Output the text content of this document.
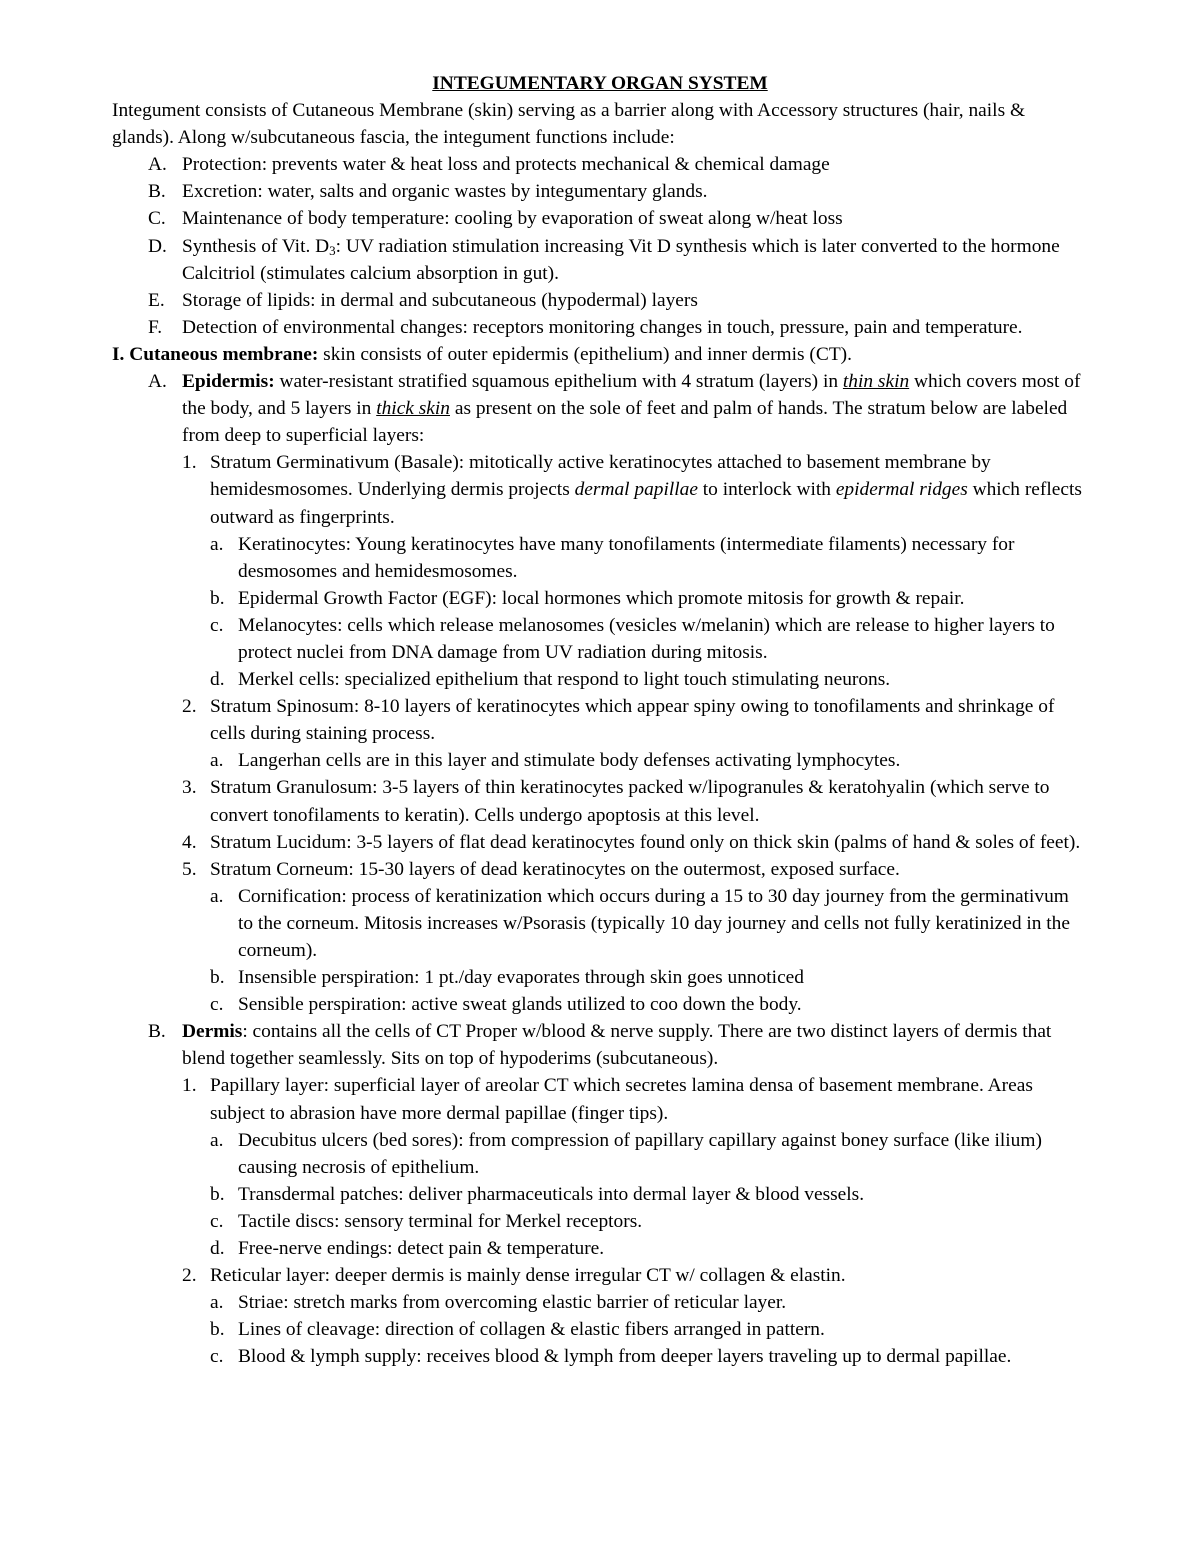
INTEGUMENTARY ORGAN SYSTEM

Integument consists of Cutaneous Membrane (skin) serving as a barrier along with Accessory structures (hair, nails & glands). Along w/subcutaneous fascia, the integument functions include:

A. Protection: prevents water & heat loss and protects mechanical & chemical damage
B. Excretion: water, salts and organic wastes by integumentary glands.
C. Maintenance of body temperature: cooling by evaporation of sweat along w/heat loss
D. Synthesis of Vit. $D_3$: UV radiation stimulation increasing Vit D synthesis which is later converted to the hormone Calcitriol (stimulates calcium absorption in gut).
E. Storage of lipids: in dermal and subcutaneous (hypodermal) layers
F.	Detection of environmental changes: receptors monitoring changes in touch, pressure, pain and temperature.

I. Cutaneous membrane: skin consists of outer epidermis (epithelium) and inner dermis (CT).

A. Epidermis: water-resistant stratified squamous epithelium with 4 stratum (layers) in thin skin which covers most of the body, and 5 layers in thick skin as present on the sole of feet and palm of hands. The stratum below are labeled from deep to superficial layers:
1. Stratum Germinativum (Basale): mitotically active keratinocytes attached to basement membrane by hemidesmosomes. Underlying dermis projects dermal papillae to interlock with epidermal ridges which reflects outward as fingerprints.
a. Keratinocytes: Young keratinocytes have many tonofilaments (intermediate filaments) necessary for desmosomes and hemidesmosomes.
b. Epidermal Growth Factor (EGF): local hormones which promote mitosis for growth & repair.
c. Melanocytes: cells which release melanosomes (vesicles w/melanin) which are release to higher layers to protect nuclei from DNA damage from UV radiation during mitosis.
d. Merkel cells: specialized epithelium that respond to light touch stimulating neurons.
2. Stratum Spinosum: 8-10 layers of keratinocytes which appear spiny owing to tonofilaments and shrinkage of cells during staining process.
a. Langerhan cells are in this layer and stimulate body defenses activating lymphocytes.
3. Stratum Granulosum: 3-5 layers of thin keratinocytes packed w/lipogranules & keratohyalin (which serve to convert tonofilaments to keratin). Cells undergo apoptosis at this level.
4. Stratum Lucidum: 3-5 layers of flat dead keratinocytes found only on thick skin (palms of hand & soles of feet).
5. Stratum Corneum: 15-30 layers of dead keratinocytes on the outermost, exposed surface.
a. Cornification: process of keratinization which occurs during a 15 to 30 day journey from the germinativum to the corneum. Mitosis increases w/Psorasis (typically 10 day journey and cells not fully keratinized in the corneum).
b. Insensible perspiration: 1 pt./day evaporates through skin goes unnoticed
c. Sensible perspiration: active sweat glands utilized to coo down the body.
B. Dermis: contains all the cells of CT Proper w/blood & nerve supply. There are two distinct layers of dermis that blend together seamlessly. Sits on top of hypoderims (subcutaneous).
1. Papillary layer: superficial layer of areolar CT which secretes lamina densa of basement membrane. Areas subject to abrasion have more dermal papillae (finger tips).
a. Decubitus ulcers (bed sores): from compression of papillary capillary against boney surface (like ilium) causing necrosis of epithelium.
b. Transdermal patches: deliver pharmaceuticals into dermal layer & blood vessels.
c. Tactile discs: sensory terminal for Merkel receptors.
d. Free-nerve endings: detect pain & temperature.
2. Reticular layer: deeper dermis is mainly dense irregular CT w/ collagen & elastin.
a. Striae: stretch marks from overcoming elastic barrier of reticular layer.
b. Lines of cleavage: direction of collagen & elastic fibers arranged in pattern.
c. Blood & lymph supply: receives blood & lymph from deeper layers traveling up to dermal papillae.
